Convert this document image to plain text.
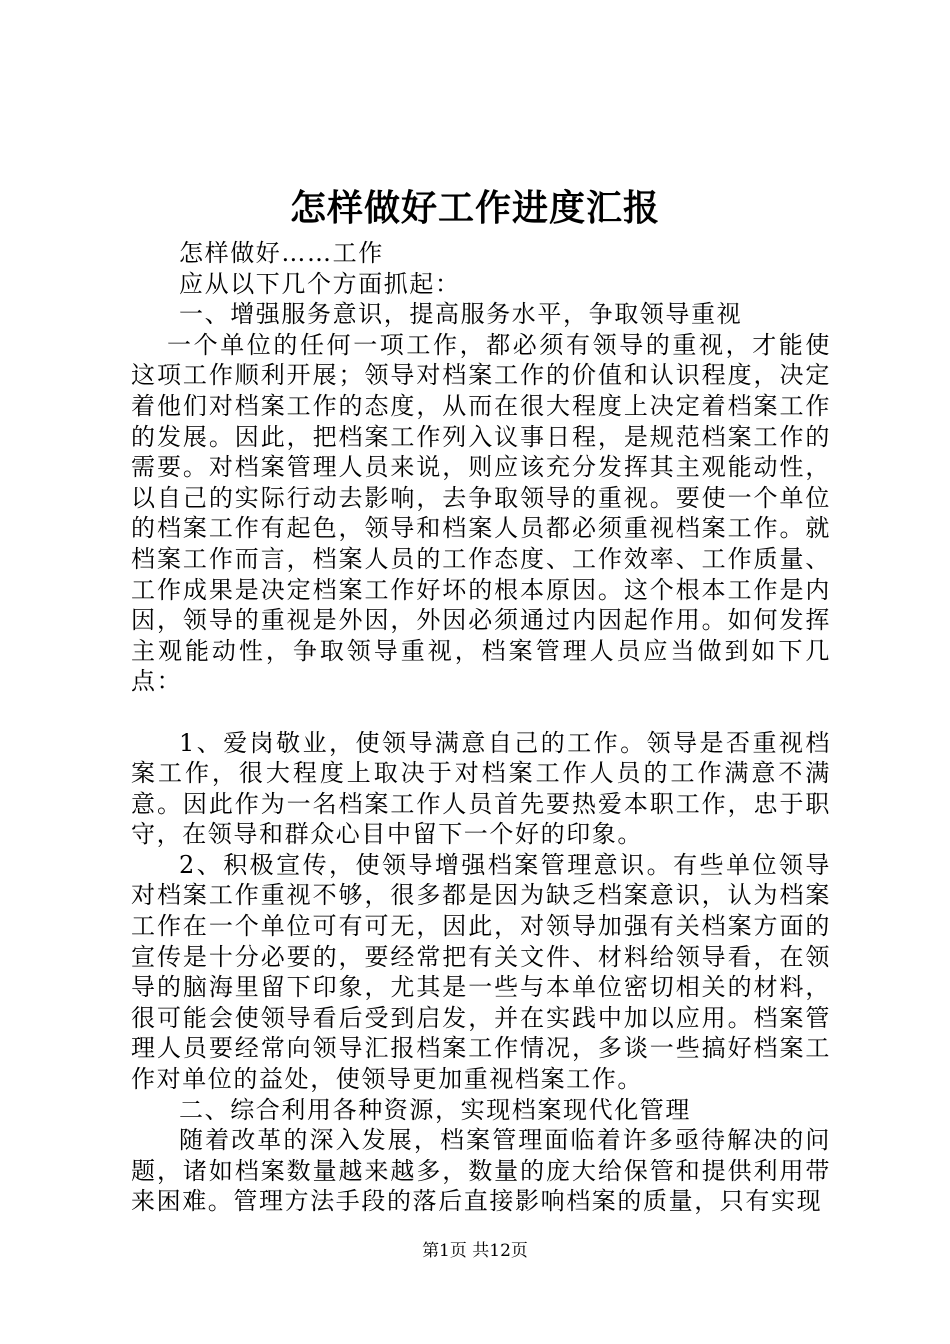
怎样做好工作进度汇报

怎样做好……工作

应从以下几个方面抓起：

一、增强服务意识，提高服务水平，争取领导重视

一个单位的任何一项工作，都必须有领导的重视，才能使这项工作顺利开展；领导对档案工作的价值和认识程度，决定着他们对档案工作的态度，从而在很大程度上决定着档案工作的发展。因此，把档案工作列入议事日程，是规范档案工作的需要。对档案管理人员来说，则应该充分发挥其主观能动性，以自己的实际行动去影响，去争取领导的重视。要使一个单位的档案工作有起色，领导和档案人员都必须重视档案工作。就档案工作而言，档案人员的工作态度、工作效率、工作质量、工作成果是决定档案工作好坏的根本原因。这个根本工作是内因，领导的重视是外因，外因必须通过内因起作用。如何发挥主观能动性，争取领导重视，档案管理人员应当做到如下几点：

1、爱岗敬业，使领导满意自己的工作。领导是否重视档案工作，很大程度上取决于对档案工作人员的工作满意不满意。因此作为一名档案工作人员首先要热爱本职工作，忠于职守，在领导和群众心目中留下一个好的印象。

2、积极宣传，使领导增强档案管理意识。有些单位领导对档案工作重视不够，很多都是因为缺乏档案意识，认为档案工作在一个单位可有可无，因此，对领导加强有关档案方面的宣传是十分必要的，要经常把有关文件、材料给领导看，在领导的脑海里留下印象，尤其是一些与本单位密切相关的材料，很可能会使领导看后受到启发，并在实践中加以应用。档案管理人员要经常向领导汇报档案工作情况，多谈一些搞好档案工作对单位的益处，使领导更加重视档案工作。

二、综合利用各种资源，实现档案现代化管理

随着改革的深入发展，档案管理面临着许多亟待解决的问题，诸如档案数量越来越多，数量的庞大给保管和提供利用带来困难。管理方法手段的落后直接影响档案的质量，只有实现

第1页 共12页
